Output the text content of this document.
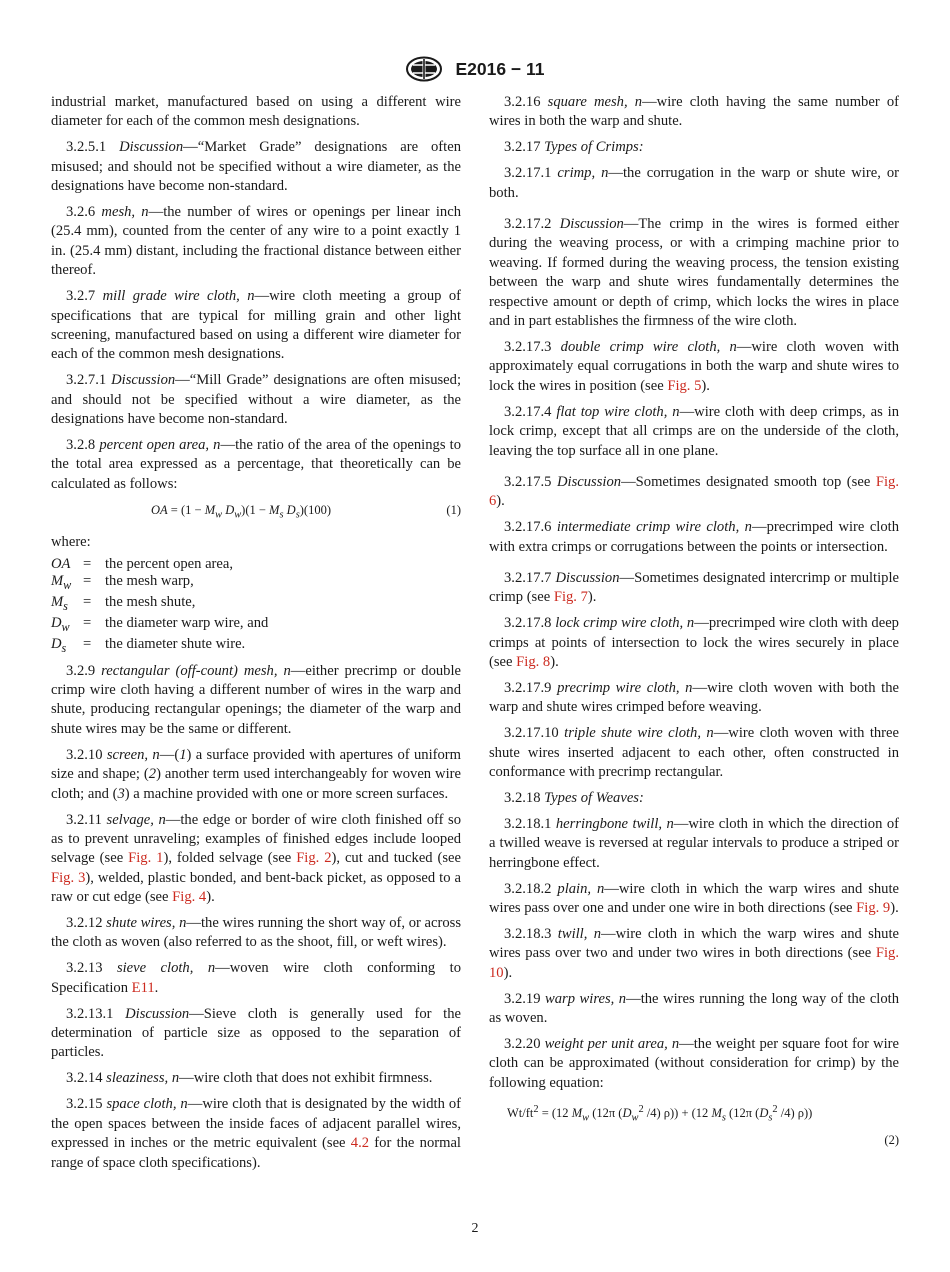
E2016 − 11

industrial market, manufactured based on using a different wire diameter for each of the common mesh designations.

3.2.5.1 Discussion—“Market Grade” designations are often misused; and should not be specified without a wire diameter, as the designations have become non-standard.

3.2.6 mesh, n—the number of wires or openings per linear inch (25.4 mm), counted from the center of any wire to a point exactly 1 in. (25.4 mm) distant, including the fractional distance between either thereof.

3.2.7 mill grade wire cloth, n—wire cloth meeting a group of specifications that are typical for milling grain and other light screening, manufactured based on using a different wire diameter for each of the common mesh designations.

3.2.7.1 Discussion—“Mill Grade” designations are often misused; and should not be specified without a wire diameter, as the designations have become non-standard.

3.2.8 percent open area, n—the ratio of the area of the openings to the total area expressed as a percentage, that theoretically can be calculated as follows:

OA = ($1 - M_w$ $D_w)(1 - M_s$ $D_s)(100)$	(1)
where:
OA	=	the percent open area,
$M_w$	=	the mesh warp,
$M_s$	=	the mesh shute,
$D_w$	=	the diameter warp wire, and
$D_s$	=	the diameter shute wire.

3.2.9 rectangular (off-count) mesh, n—either precrimp or double crimp wire cloth having a different number of wires in the warp and shute, producing rectangular openings; the diameter of the warp and shute wires may be the same or different.

3.2.10 screen, n—(1) a surface provided with apertures of uniform size and shape; (2) another term used interchangeably for woven wire cloth; and (3) a machine provided with one or more screen surfaces.

3.2.11 selvage, n—the edge or border of wire cloth finished off so as to prevent unraveling; examples of finished edges include looped selvage (see Fig. 1), folded selvage (see Fig. 2), cut and tucked (see Fig. 3), welded, plastic bonded, and bent-back picket, as opposed to a raw or cut edge (see Fig. 4).

3.2.12 shute wires, n—the wires running the short way of, or across the cloth as woven (also referred to as the shoot, fill, or weft wires).

3.2.13 sieve cloth, n—woven wire cloth conforming to Specification E11.

3.2.13.1 Discussion—Sieve cloth is generally used for the determination of particle size as opposed to the separation of particles.

3.2.14 sleaziness, n—wire cloth that does not exhibit firmness.

3.2.15 space cloth, n—wire cloth that is designated by the width of the open spaces between the inside faces of adjacent parallel wires, expressed in inches or the metric equivalent (see 4.2 for the normal range of space cloth specifications).

3.2.16 square mesh, n—wire cloth having the same number of wires in both the warp and shute.

3.2.17 Types of Crimps:

3.2.17.1 crimp, n—the corrugation in the warp or shute wire, or both.

3.2.17.2 Discussion—The crimp in the wires is formed either during the weaving process, or with a crimping machine prior to weaving. If formed during the weaving process, the tension existing between the warp and shute wires fundamentally determines the respective amount or depth of crimp, which locks the wires in place and in part establishes the firmness of the wire cloth.

3.2.17.3 double crimp wire cloth, n—wire cloth woven with approximately equal corrugations in both the warp and shute wires to lock the wires in position (see Fig. 5).

3.2.17.4 flat top wire cloth, n—wire cloth with deep crimps, as in lock crimp, except that all crimps are on the underside of the cloth, leaving the top surface all in one plane.

3.2.17.5 Discussion—Sometimes designated smooth top (see Fig. 6).

3.2.17.6 intermediate crimp wire cloth, n—precrimped wire cloth with extra crimps or corrugations between the points or intersection.

3.2.17.7 Discussion—Sometimes designated intercrimp or multiple crimp (see Fig. 7).

3.2.17.8 lock crimp wire cloth, n—precrimped wire cloth with deep crimps at points of intersection to lock the wires securely in place (see Fig. 8).

3.2.17.9 precrimp wire cloth, n—wire cloth woven with both the warp and shute wires crimped before weaving.

3.2.17.10 triple shute wire cloth, n—wire cloth woven with three shute wires inserted adjacent to each other, often constructed in conformance with precrimp rectangular.

3.2.18 Types of Weaves:

3.2.18.1 herringbone twill, n—wire cloth in which the direction of a twilled weave is reversed at regular intervals to produce a striped or herringbone effect.

3.2.18.2 plain, n—wire cloth in which the warp wires and shute wires pass over one and under one wire in both directions (see Fig. 9).

3.2.18.3 twill, n—wire cloth in which the warp wires and shute wires pass over two and under two wires in both directions (see Fig. 10).

3.2.19 warp wires, n—the wires running the long way of the cloth as woven.

3.2.20 weight per unit area, n—the weight per square foot for wire cloth can be approximated (without consideration for crimp) by the following equation:

$Wt/ft^2 = (12$ $M_w$ (12π ($D_w^2$ /4) ρ)) + (12 $M_s$ (12π ($D_s^2$ /4) ρ))
(2)
2
